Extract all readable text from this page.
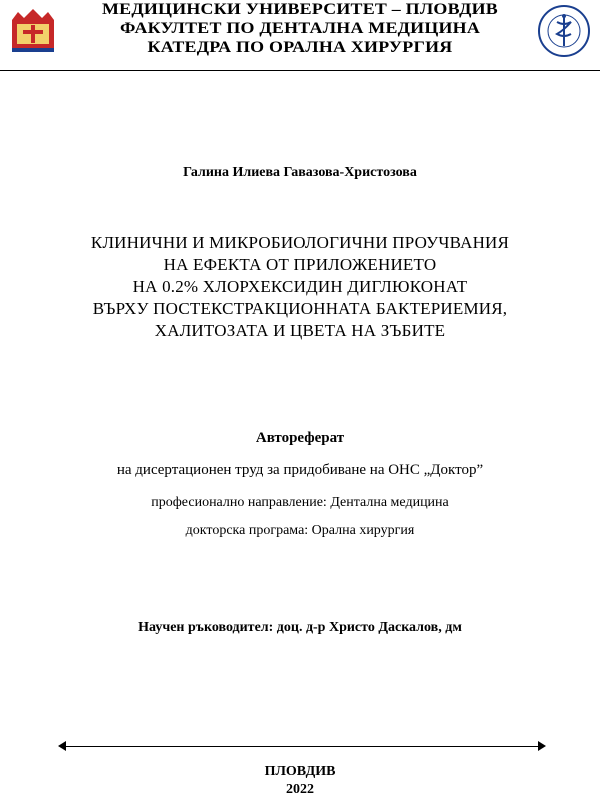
МЕДИЦИНСКИ УНИВЕРСИТЕТ – ПЛОВДИВ
ФАКУЛТЕТ ПО ДЕНТАЛНА МЕДИЦИНА
КАТЕДРА ПО ОРАЛНА ХИРУРГИЯ
Галина Илиева Гавазова-Христозова
КЛИНИЧНИ И МИКРОБИОЛОГИЧНИ ПРОУЧВАНИЯ
НА ЕФЕКТА ОТ ПРИЛОЖЕНИЕТО
НА 0.2% ХЛОРХЕКСИДИН ДИГЛЮКОНАТ
ВЪРХУ ПОСТЕКСТРАКЦИОННАТА БАКТЕРИЕМИЯ,
ХАЛИТОЗАТА И ЦВЕТА НА ЗЪБИТЕ
Автореферат
на дисертационен труд за придобиване на ОНС „Доктор”
професионално направление: Дентална медицина
докторска програма: Орална хирургия
Научен ръководител: доц. д-р Христо Даскалов, дм
ПЛОВДИВ
2022
